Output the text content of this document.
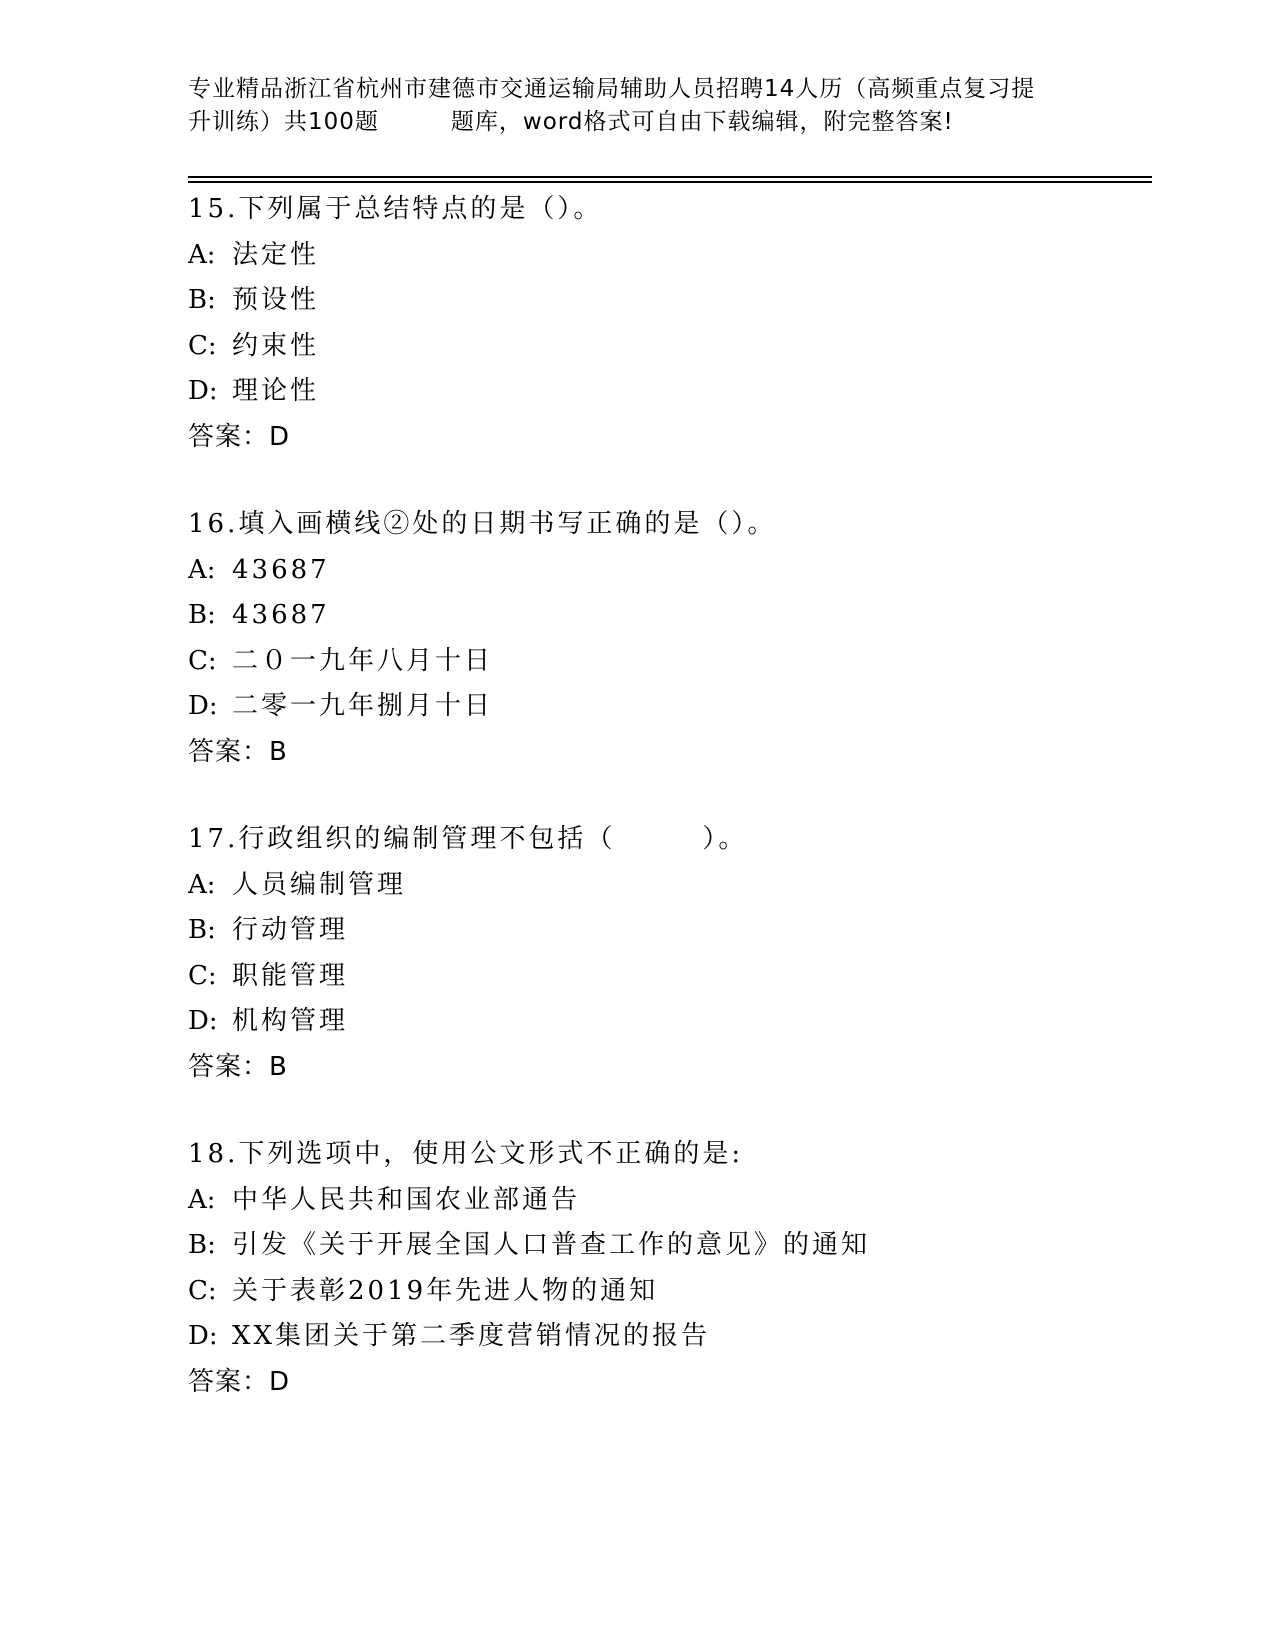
专业精品浙江省杭州市建德市交通运输局辅助人员招聘14人历（高频重点复习提
升训练）共100题	题库，word格式可自由下载编辑，附完整答案!
15.下列属于总结特点的是（）。
A: 法定性
B: 预设性
C: 约束性
D: 理论性
答案：D
16.填入画横线②处的日期书写正确的是（）。
A: 43687
B: 43687
C: 二０一九年八月十日
D: 二零一九年捌月十日
答案：B
17.行政组织的编制管理不包括（　　　）。
A: 人员编制管理
B: 行动管理
C: 职能管理
D: 机构管理
答案：B
18.下列选项中，使用公文形式不正确的是:
A: 中华人民共和国农业部通告
B: 引发《关于开展全国人口普查工作的意见》的通知
C: 关于表彰2019年先进人物的通知
D: XX集团关于第二季度营销情况的报告
答案：D
